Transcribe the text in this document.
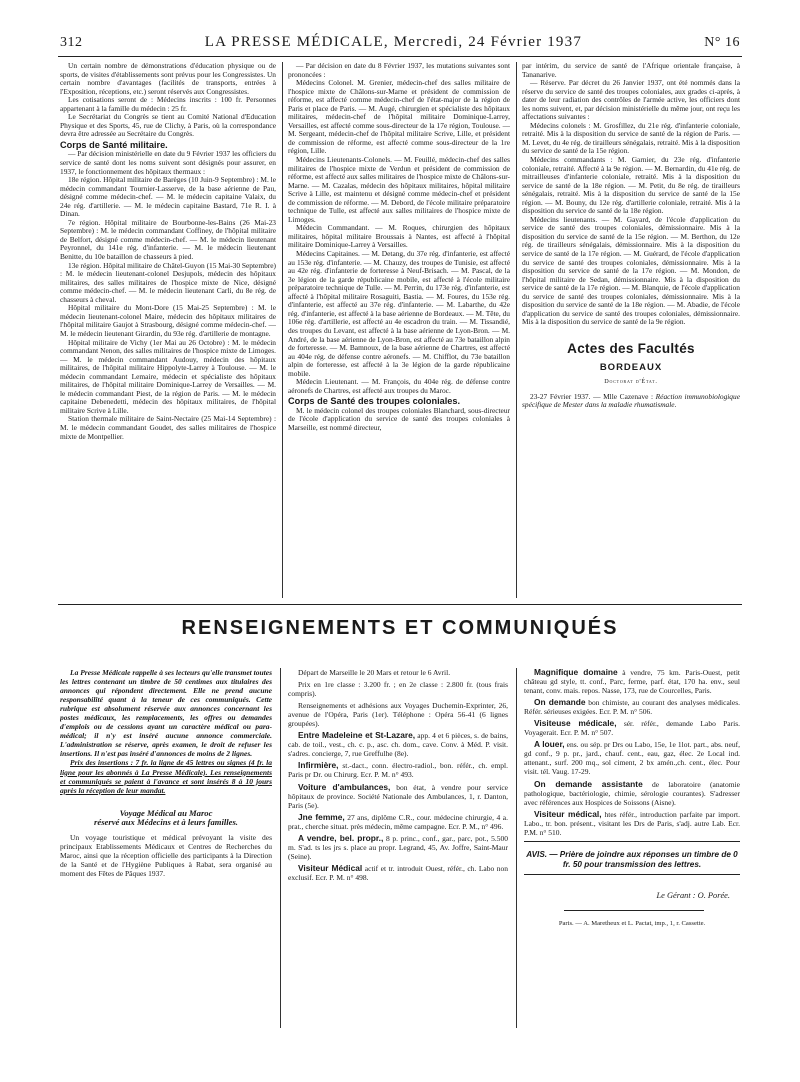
312	LA PRESSE MÉDICALE, Mercredi, 24 Février 1937	N° 16

Un certain nombre de démonstrations d'éducation physique ou de sports, de visites d'établissements sont prévus pour les Congressistes. Un certain nombre d'avantages (facilités de transports, entrées à l'Exposition, réceptions, etc.) seront réservés aux Congressistes.

Les cotisations seront de : Médecins inscrits : 100 fr. Personnes appartenant à la famille du médecin : 25 fr.

Le Secrétariat du Congrès se tient au Comité National d'Education Physique et des Sports, 45, rue de Clichy, à Paris, où la correspondance devra être adressée au Secrétaire du Congrès.

Corps de Santé militaire.

— Par décision ministérielle en date du 9 Février 1937 les officiers du service de santé dont les noms suivent sont désignés pour assurer, en 1937, le fonctionnement des hôpitaux thermaux :

18e région. Hôpital militaire de Barèges (10 Juin-9 Septembre) : M. le médecin commandant Tournier-Lasserve, de la base aérienne de Pau, désigné comme médecin-chef. — M. le médecin capitaine Valaix, du 24e rég. d'artillerie. — M. le médecin capitaine Bastard, 71e R. I. à Dinan.

7e région. Hôpital militaire de Bourbonne-les-Bains (26 Mai-23 Septembre) : M. le médecin commandant Coffiney, de l'hôpital militaire de Belfort, désigné comme médecin-chef. — M. le médecin lieutenant Peyronnel, du 141e rég. d'infanterie. — M. le médecin lieutenant Benitte, du 10e bataillon de chasseurs à pied.

13e région. Hôpital militaire de Châtel-Guyon (15 Mai-30 Septembre) : M. le médecin lieutenant-colonel Desjupols, médecin des hôpitaux militaires, des salles militaires de l'hospice mixte de Nice, désigné comme médecin-chef. — M. le médecin lieutenant Carli, du 8e rég. de chasseurs à cheval.

Hôpital militaire du Mont-Dore (15 Mai-25 Septembre) : M. le médecin lieutenant-colonel Maire, médecin des hôpitaux militaires de l'hôpital militaire Gaujot à Strasbourg, désigné comme médecin-chef. — M. le médecin lieutenant Girardin, du 93e rég. d'artillerie de montagne.

Hôpital militaire de Vichy (1er Mai au 26 Octobre) : M. le médecin commandant Nenon, des salles militaires de l'hospice mixte de Limoges. — M. le médecin commandant Audouy, médecin des hôpitaux militaires, de l'hôpital militaire Hippolyte-Larrey à Toulouse. — M. le médecin commandant Lemaire, médecin et spécialiste des hôpitaux militaires, de l'hôpital militaire Dominique-Larrey de Versailles. — M. le médecin commandant Piest, de la région de Paris. — M. le médecin capitaine Debenedetti, médecin des hôpitaux militaires, de l'hôpital militaire Scrive à Lille.

Station thermale militaire de Saint-Nectaire (25 Mai-14 Septembre) : M. le médecin commandant Goudet, des salles militaires de l'hospice mixte de Montpellier.

— Par décision en date du 8 Février 1937, les mutations suivantes sont prononcées :

Médecins Colonel. M. Grenier, médecin-chef des salles militaire de l'hospice mixte de Châlons-sur-Marne et président de commission de réforme, est affecté comme médecin-chef de l'état-major de la région de Paris et place de Paris. — M. Augé, chirurgien et spécialiste des hôpitaux militaires, médecin-chef de l'hôpital militaire Dominique-Larrey, Versailles, est affecté comme sous-directeur de la 17e région, Toulouse. — M. Sergeant, médecin-chef de l'hôpital militaire Scrive, Lille, et président de commission de réforme, est affecté comme sous-directeur de la 1re région, Lille.

Médecins Lieutenants-Colonels. — M. Feuillé, médecin-chef des salles militaires de l'hospice mixte de Verdun et président de commission de réforme, est affecté aux salles militaires de l'hospice mixte de Châlons-sur-Marne. — M. Cazalas, médecin des hôpitaux militaires, hôpital militaire Scrive à Lille, est maintenu et désigné comme médecin-chef et président de commission de réforme. — M. Debord, de l'école militaire préparatoire technique de Tulle, est affecté aux salles militaires de l'hospice mixte de Limoges.

Médecin Commandant. — M. Roques, chirurgien des hôpitaux militaires, hôpital militaire Broussais à Nantes, est affecté à l'hôpital militaire Dominique-Larrey à Versailles.

Médecins Capitaines. — M. Detang, du 37e rég. d'infanterie, est affecté au 153e rég. d'infanterie. — M. Chauzy, des troupes de Tunisie, est affecté au 42e rég. d'infanterie de forteresse à Neuf-Brisach. — M. Pascal, de la 3e légion de la garde républicaine mobile, est affecté à l'école militaire préparatoire technique de Tulle. — M. Perrin, du 173e rég. d'infanterie, est affecté à l'hôpital militaire Rosaguiti, Bastia. — M. Foures, du 153e rég. d'infanterie, est affecté au 37e rég. d'infanterie. — M. Labarthe, du 42e rég. d'infanterie, est affecté à la base aérienne de Bordeaux. — M. Tête, du 106e rég. d'artillerie, est affecté au 4e escadron du train. — M. Tissandié, des troupes du Levant, est affecté à la base aérienne de Lyon-Bron. — M. André, de la base aérienne de Lyon-Bron, est affecté au 73e bataillon alpin de forteresse. — M. Bamnoux, de la base aérienne de Chartres, est affecté au 404e rég. de défense contre aéronefs. — M. Chifflot, du 73e bataillon alpin de forteresse, est affecté à la 3e légion de la garde républicaine mobile.

Médecin Lieutenant. — M. François, du 404e rég. de défense contre aéronefs de Chartres, est affecté aux troupes du Maroc.

Corps de Santé des troupes coloniales.

M. le médecin colonel des troupes coloniales Blanchard, sous-directeur de l'école d'application du service de santé des troupes coloniales à Marseille, est nommé directeur,

par intérim, du service de santé de l'Afrique orientale française, à Tananarive.

— Réserve. Par décret du 26 Janvier 1937, ont été nommés dans la réserve du service de santé des troupes coloniales, aux grades ci-après, à dater de leur radiation des contrôles de l'armée active, les officiers dont les noms suivent, et, par décision ministérielle du même jour, ont reçu les affectations suivantes :

Médecins colonels : M. Grosfillez, du 21e rég. d'infanterie coloniale, retraité. Mis à la disposition du service de santé de la région de Paris. — M. Levet, du 4e rég. de tirailleurs sénégalais, retraité. Mis à la disposition du service de santé de la 15e région.

Médecins commandants : M. Garnier, du 23e rég. d'infanterie coloniale, retraité. Affecté à la 9e région. — M. Bernardin, du 41e rég. de mitrailleuses d'infanterie coloniale, retraité. Mis à la disposition du service de santé de la 18e région. — M. Petit, du 8e rég. de tirailleurs sénégalais, retraité. Mis à la disposition du service de santé de la 15e région. — M. Bouny, du 12e rég. d'artillerie coloniale, retraité. Mis à la disposition du service de santé de la 18e région.

Médecins lieutenants. — M. Gayard, de l'école d'application du service de santé des troupes coloniales, démissionnaire. Mis à la disposition du service de santé de la 15e région. — M. Berthon, du 12e rég. de tirailleurs sénégalais, démissionnaire. Mis à la disposition du service de santé de la 17e région. — M. Guérard, de l'école d'application du service de santé des troupes coloniales, démissionnaire. Mis à la disposition du service de santé de la 17e région. — M. Mondon, de l'hôpital militaire de Sedan, démissionnaire. Mis à la disposition du service de santé de la 17e région. — M. Blanquie, de l'école d'application du service de santé des troupes coloniales, démissionnaire. Mis à la disposition du service de santé de la 18e région. — M. Abadie, de l'école d'application du service de santé des troupes coloniales, démissionnaire. Mis à la disposition du service de santé de la 9e région.

Actes des Facultés
BORDEAUX
Doctorat d'État.

23-27 Février 1937. — Mlle Cazenave : Réaction immunobiologique spécifique de Mester dans la maladie rhumatismale.

RENSEIGNEMENTS ET COMMUNIQUÉS

La Presse Médicale rappelle à ses lecteurs qu'elle transmet toutes les lettres contenant un timbre de 50 centimes aux titulaires des annonces qui répondent directement. Elle ne prend aucune responsabilité quant à la teneur de ces communiqués. Cette rubrique est absolument réservée aux annonces concernant les postes médicaux, les remplacements, les offres ou demandes d'emplois ou de cessions ayant un caractère médical ou para-médical; il n'y est inséré aucune annonce commerciale. L'administration se réserve, après examen, le droit de refuser les insertions. Il n'est pas inséré d'annonces de moins de 2 lignes.

Prix des insertions : 7 fr. la ligne de 45 lettres ou signes (4 fr. la ligne pour les abonnés à La Presse Médicale). Les renseignements et communiqués se paient à l'avance et sont insérés 8 à 10 jours après la réception de leur mandat.

Voyage Médical au Maroc
réservé aux Médecins et à leurs familles.

Un voyage touristique et médical prévoyant la visite des principaux Etablissements Médicaux et Centres de Recherches du Maroc, ainsi que la réception officielle des participants à la Direction de la Santé et de l'Hygiène Publiques à Rabat, sera organisé au moment des Fêtes de Pâques 1937.

Départ de Marseille le 20 Mars et retour le 6 Avril.

Prix en 1re classe : 3.200 fr. ; en 2e classe : 2.800 fr. (tous frais compris).

Renseignements et adhésions aux Voyages Duchemin-Exprinter, 26, avenue de l'Opéra, Paris (1er). Téléphone : Opéra 56-41 (6 lignes groupées).

Entre Madeleine et St-Lazare, app. 4 et 6 pièces, s. de bains, cab. de toil., vest., ch. c. p., asc. ch. dom., cave. Conv. à Méd. P. visit. s'adres. concierge, 7, rue Greffulhe (8e).

Infirmière, st.-dact., conn. électro-radiol., bon. référ., ch. empl. Paris pr Dr. ou Chirurg. Ecr. P. M. n° 493.

Voiture d'ambulances, bon état, à vendre pour service hôpitaux de province. Société Nationale des Ambulances, 1, r. Danton, Paris (5e).

Jne femme, 27 ans, diplôme C.R., cour. médecine chirurgie, 4 a. prat., cherche situat. près médecin, même campagne. Ecr. P. M., n° 496.

A vendre, bel. propr., 8 p. princ., conf., gar., parc, pot., 5.500 m. S'ad. ts les jrs s. place au propr. Legrand, 45, Av. Joffre, Saint-Maur (Seine).

Visiteur Médical actif et tr. introduit Ouest, référ., ch. Labo non exclusif. Ecr. P. M. n° 498.

Magnifique domaine à vendre, 75 km. Paris-Ouest, petit château gd style, tt. conf., Parc, ferme, parf. état, 170 ha. env., seul tenant, conv. mais. repos. Nasse, 173, rue de Courcelles, Paris.

On demande bon chimiste, au courant des analyses médicales. Référ. sérieuses exigées. Ecr. P. M. n° 506.

Visiteuse médicale, sér. référ., demande Labo Paris. Voyagerait. Ecr. P. M. n° 507.

A louer, ens. ou sép. pr Drs ou Labo, 15e, 1e 1lot. part., abs. neuf, gd conf., 9 p. pr., jard., chauf. cent., eau, gaz, élec. 2e Local ind. attenant., surf. 200 mq., sol ciment, 2 bx amén.,ch. cent., élec. Pour visit. tél. Vaug. 17-29.

On demande assistante de laboratoire (anatomie pathologique, bactériologie, chimie, sérologie courantes). S'adresser avec références aux Hospices de Soissons (Aisne).

Visiteur médical, htes référ., introduction parfaite par import. Labo., tr. bon. présent., visitant les Drs de Paris, s'adj. autre Lab. Ecr. P.M. n° 510.

AVIS. — Prière de joindre aux réponses un timbre de 0 fr. 50 pour transmission des lettres.
Le Gérant : O. Porée.
Paris. — A. Maretheux et L. Pactat, imp., 1, r. Cassette.
